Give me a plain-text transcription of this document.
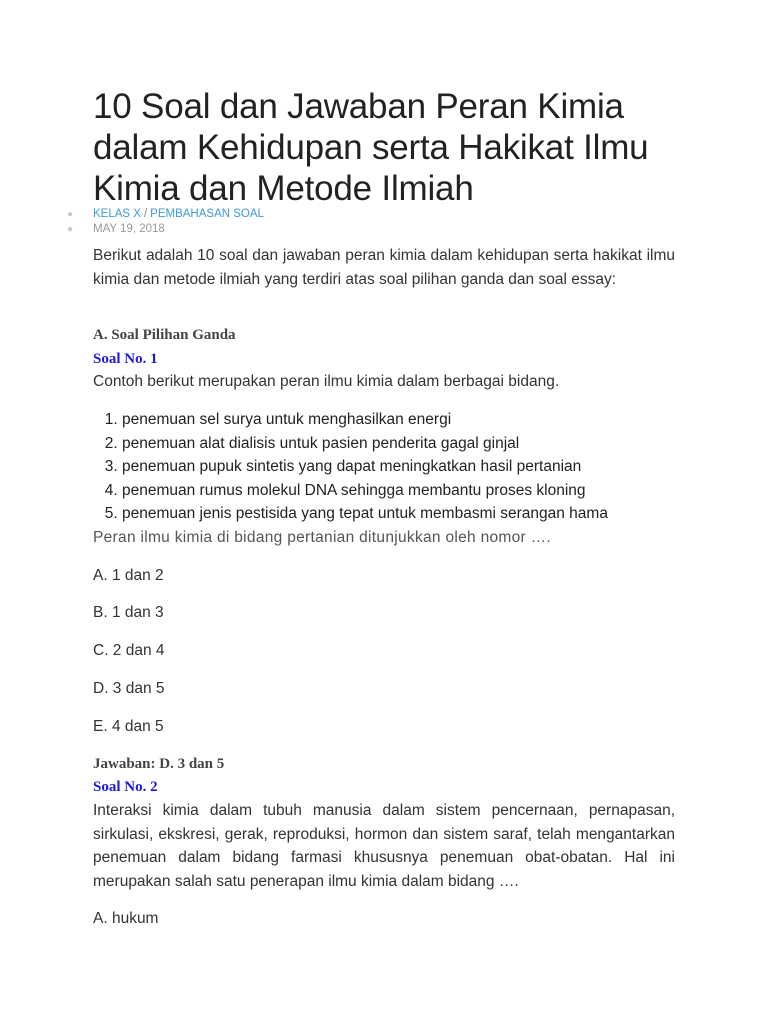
10 Soal dan Jawaban Peran Kimia dalam Kehidupan serta Hakikat Ilmu Kimia dan Metode Ilmiah
●	KELAS X / PEMBAHASAN SOAL
●	MAY 19, 2018

Berikut adalah 10 soal dan jawaban peran kimia dalam kehidupan serta hakikat ilmu kimia dan metode ilmiah yang terdiri atas soal pilihan ganda dan soal essay:

A. Soal Pilihan Ganda
Soal No. 1
Contoh berikut merupakan peran ilmu kimia dalam berbagai bidang.
1. penemuan sel surya untuk menghasilkan energi
2. penemuan alat dialisis untuk pasien penderita gagal ginjal
3. penemuan pupuk sintetis yang dapat meningkatkan hasil pertanian
4. penemuan rumus molekul DNA sehingga membantu proses kloning
5. penemuan jenis pestisida yang tepat untuk membasmi serangan hama
Peran ilmu kimia di bidang pertanian ditunjukkan oleh nomor ….
A. 1 dan 2
B. 1 dan 3
C. 2 dan 4
D. 3 dan 5
E. 4 dan 5
Jawaban: D. 3 dan 5
Soal No. 2

Interaksi kimia dalam tubuh manusia dalam sistem pencernaan, pernapasan, sirkulasi, ekskresi, gerak, reproduksi, hormon dan sistem saraf, telah mengantarkan penemuan dalam bidang farmasi khususnya penemuan obat-obatan. Hal ini merupakan salah satu penerapan ilmu kimia dalam bidang ….

A. hukum
